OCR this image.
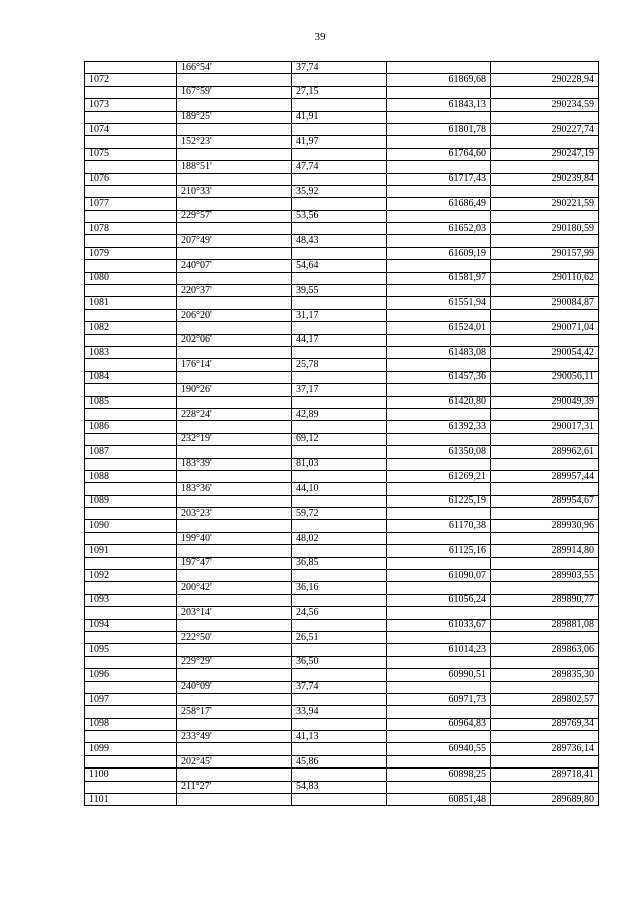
39
	166°54'	37,74		
1072			61869,68	290228,94
	167°59'	27,15		
1073			61843,13	290234,59
	189°25'	41,91		
1074			61801,78	290227,74
	152°23'	41,97		
1075			61764,60	290247,19
	188°51'	47,74		
1076			61717,43	290239,84
	210°33'	35,92		
1077			61686,49	290221,59
	229°57'	53,56		
1078			61652,03	290180,59
	207°49'	48,43		
1079			61609,19	290157,99
	240°07'	54,64		
1080			61581,97	290110,62
	220°37'	39,55		
1081			61551,94	290084,87
	206°20'	31,17		
1082			61524,01	290071,04
	202°06'	44,17		
1083			61483,08	290054,42
	176°14'	25,78		
1084			61457,36	290056,11
	190°26'	37,17		
1085			61420,80	290049,39
	228°24'	42,89		
1086			61392,33	290017,31
	232°19'	69,12		
1087			61350,08	289962,61
	183°39'	81,03		
1088			61269,21	289957,44
	183°36'	44,10		
1089			61225,19	289954,67
	203°23'	59,72		
1090			61170,38	289930,96
	199°40'	48,02		
1091			61125,16	289914,80
	197°47'	36,85		
1092			61090,07	289903,55
	200°42'	36,16		
1093			61056,24	289890,77
	203°14'	24,56		
1094			61033,67	289881,08
	222°50'	26,51		
1095			61014,23	289863,06
	229°29'	36,50		
1096			60990,51	289835,30
	240°09'	37,74		
1097			60971,73	289802,57
	258°17'	33,94		
1098			60964,83	289769,34
	233°49'	41,13		
1099			60940,55	289736,14
	202°45'	45,86		
1100			60898,25	289718,41
	211°27'	54,83		
1101			60851,48	289689,80
